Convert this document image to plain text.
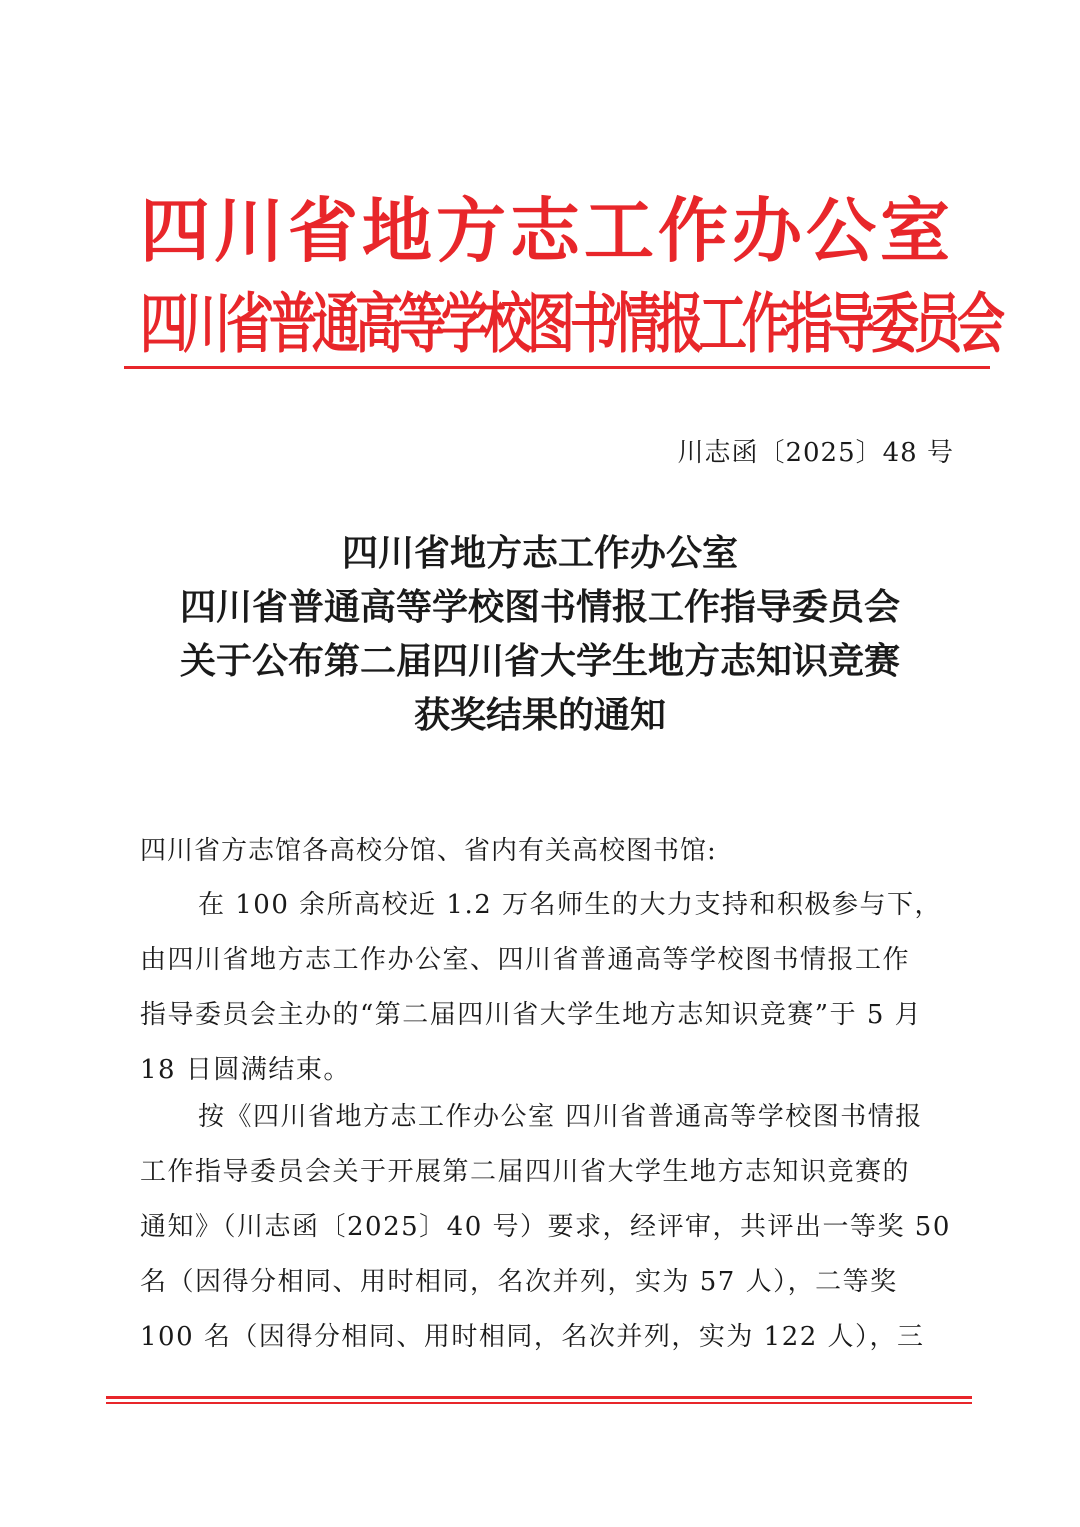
四川省地方志工作办公室
四川省普通高等学校图书情报工作指导委员会
川志函〔2025〕48 号
四川省地方志工作办公室
四川省普通高等学校图书情报工作指导委员会
关于公布第二届四川省大学生地方志知识竞赛
获奖结果的通知
四川省方志馆各高校分馆、省内有关高校图书馆:
在 100 余所高校近 1.2 万名师生的大力支持和积极参与下，
由四川省地方志工作办公室、四川省普通高等学校图书情报工作
指导委员会主办的“第二届四川省大学生地方志知识竞赛”于 5 月
18 日圆满结束。
按《四川省地方志工作办公室 四川省普通高等学校图书情报
工作指导委员会关于开展第二届四川省大学生地方志知识竞赛的
通知》（川志函〔2025〕40 号）要求，经评审，共评出一等奖 50
名（因得分相同、用时相同，名次并列，实为 57 人），二等奖
100 名（因得分相同、用时相同，名次并列，实为 122 人），三
